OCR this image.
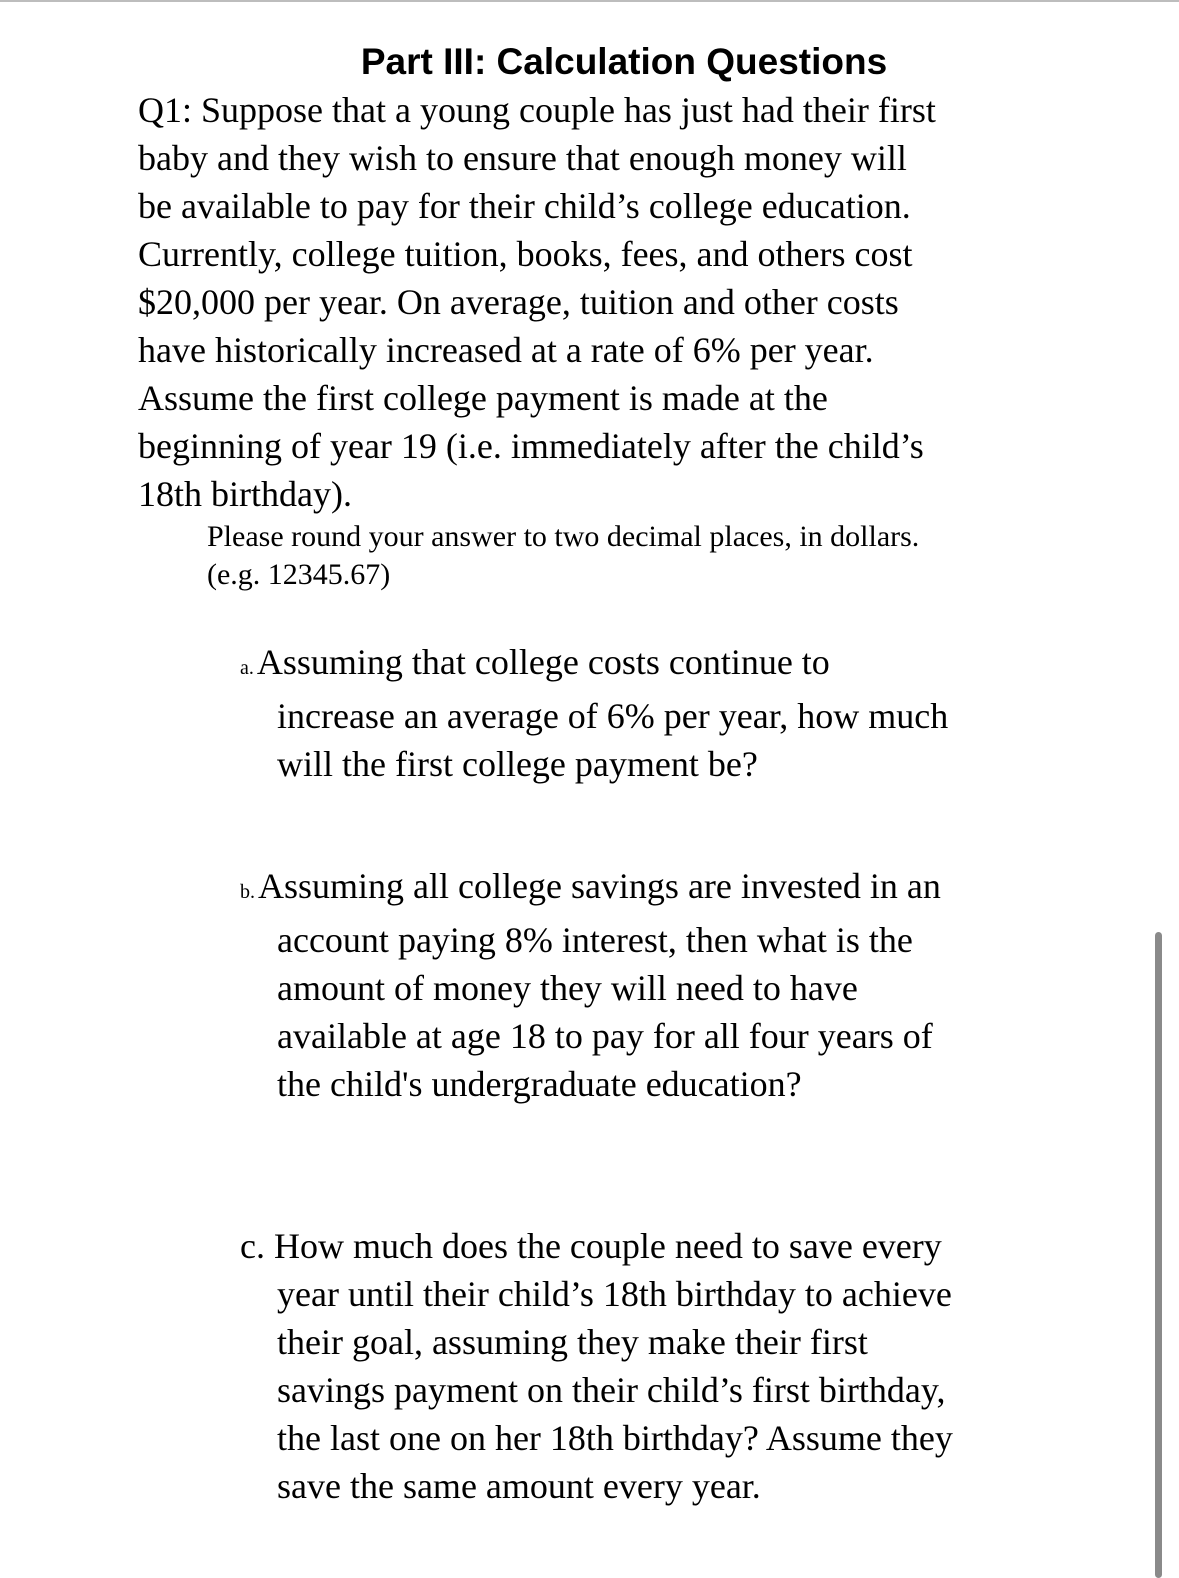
Part III: Calculation Questions
Q1: Suppose that a young couple has just had their first
baby and they wish to ensure that enough money will
be available to pay for their child’s college education.
Currently, college tuition, books, fees, and others cost
$20,000 per year. On average, tuition and other costs
have historically increased at a rate of 6% per year.
Assume the first college payment is made at the
beginning of year 19 (i.e. immediately after the child’s
18th birthday).
Please round your answer to two decimal places, in dollars.
(e.g. 12345.67)
a.Assuming that college costs continue to
increase an average of 6% per year, how much
will the first college payment be?
b.Assuming all college savings are invested in an
account paying 8% interest, then what is the
amount of money they will need to have
available at age 18 to pay for all four years of
the child's undergraduate education?
c. How much does the couple need to save every
year until their child’s 18th birthday to achieve
their goal, assuming they make their first
savings payment on their child’s first birthday,
the last one on her 18th birthday? Assume they
save the same amount every year.
